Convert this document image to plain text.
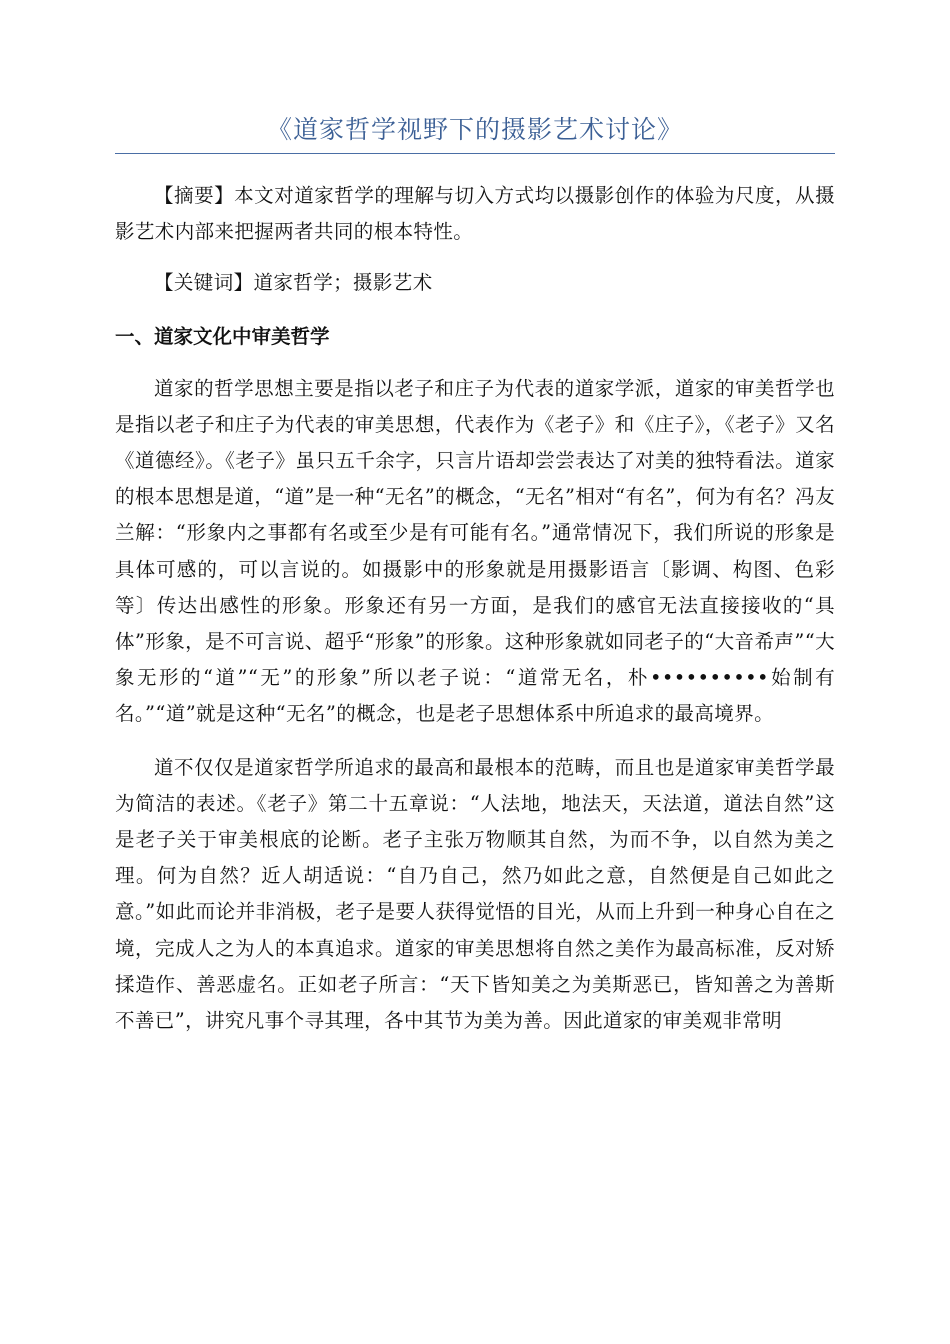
《道家哲学视野下的摄影艺术讨论》

【摘要】本文对道家哲学的理解与切入方式均以摄影创作的体验为尺度，从摄影艺术内部来把握两者共同的根本特性。

【关键词】道家哲学；摄影艺术

一、道家文化中审美哲学

道家的哲学思想主要是指以老子和庄子为代表的道家学派，道家的审美哲学也是指以老子和庄子为代表的审美思想，代表作为《老子》和《庄子》，《老子》又名《道德经》。《老子》虽只五千余字，只言片语却尝尝表达了对美的独特看法。道家的根本思想是道，“道”是一种“无名”的概念，“无名”相对“有名”，何为有名？冯友兰解：“形象内之事都有名或至少是有可能有名。”通常情况下，我们所说的形象是具体可感的，可以言说的。如摄影中的形象就是用摄影语言〔影调、构图、色彩等〕传达出感性的形象。形象还有另一方面，是我们的感官无法直接接收的“具体”形象，是不可言说、超乎“形象”的形象。这种形象就如同老子的“大音希声”“大象无形的“道”“无”的形象”所以老子说：“道常无名，朴••••••••••始制有名。”“道”就是这种“无名”的概念，也是老子思想体系中所追求的最高境界。

道不仅仅是道家哲学所追求的最高和最根本的范畴，而且也是道家审美哲学最为简洁的表述。《老子》第二十五章说：“人法地，地法天，天法道，道法自然”这是老子关于审美根底的论断。老子主张万物顺其自然，为而不争，以自然为美之理。何为自然？近人胡适说：“自乃自己，然乃如此之意，自然便是自己如此之意。”如此而论并非消极，老子是要人获得觉悟的目光，从而上升到一种身心自在之境，完成人之为人的本真追求。道家的审美思想将自然之美作为最高标准，反对矫揉造作、善恶虚名。正如老子所言：“天下皆知美之为美斯恶已，皆知善之为善斯不善已”，讲究凡事个寻其理，各中其节为美为善。因此道家的审美观非常明
